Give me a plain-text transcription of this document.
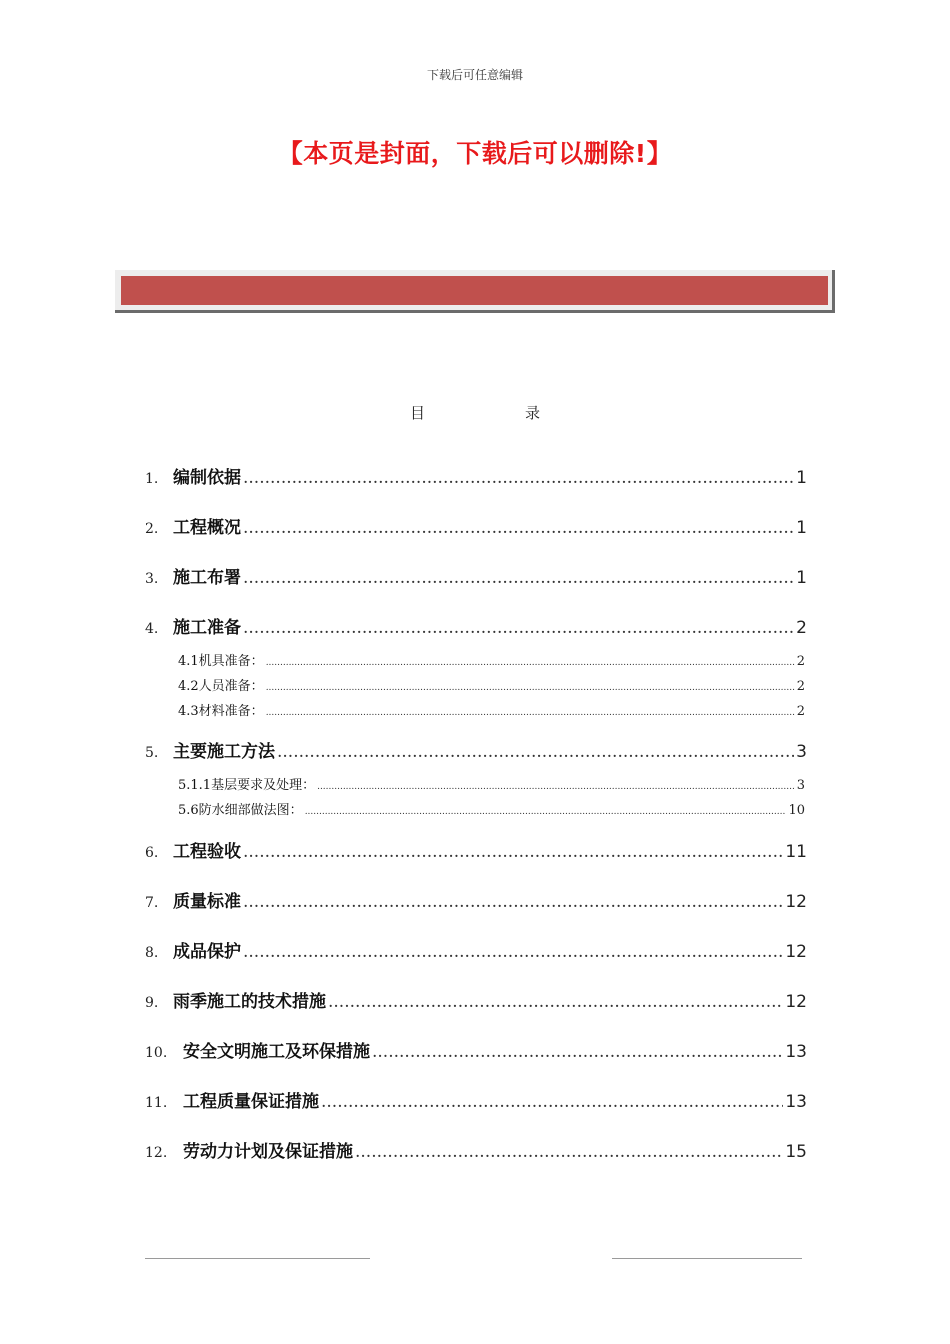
下载后可任意编辑
【本页是封面，下载后可以删除!】
目	录
1. 编制依据 .....	1
2. 工程概况 .....	1
3. 施工布署 .....	1
4. 施工准备 .....	2
4.1机具准备： .....	2
4.2人员准备： .....	2
4.3材料准备： .....	2
5. 主要施工方法 .....	3
5.1.1基层要求及处理： .....	3
5.6防水细部做法图： .....	10
6. 工程验收 .....	11
7. 质量标准 .....	12
8. 成品保护 .....	12
9. 雨季施工的技术措施 .....	12
10. 安全文明施工及环保措施 .....	13
11. 工程质量保证措施 .....	13
12. 劳动力计划及保证措施 .....	15
